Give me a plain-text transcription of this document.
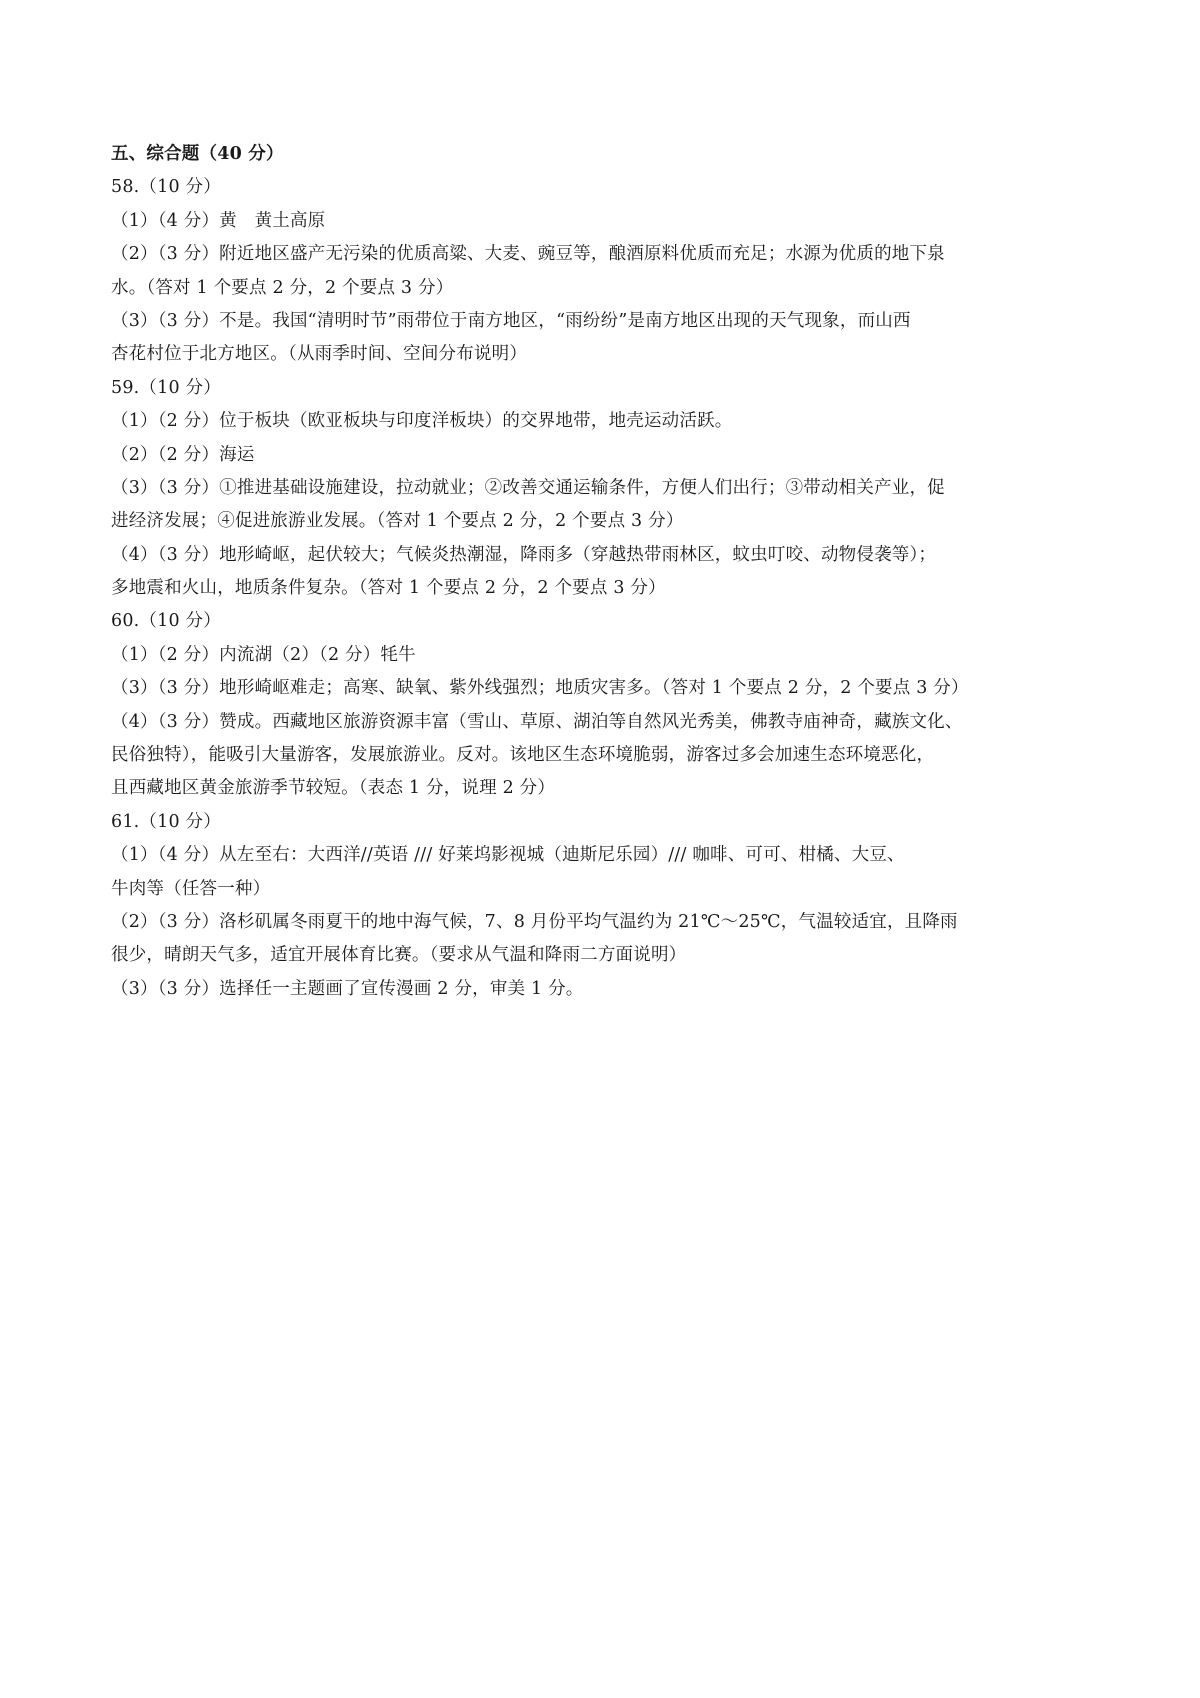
五、综合题（40 分）
58.（10 分）
（1）（4 分）黄　黄土高原
（2）（3 分）附近地区盛产无污染的优质高粱、大麦、豌豆等，酿酒原料优质而充足；水源为优质的地下泉
水。（答对 1 个要点 2 分，2 个要点 3 分）
（3）（3 分）不是。我国“清明时节”雨带位于南方地区，“雨纷纷”是南方地区出现的天气现象，而山西
杏花村位于北方地区。（从雨季时间、空间分布说明）
59.（10 分）
（1）（2 分）位于板块（欧亚板块与印度洋板块）的交界地带，地壳运动活跃。
（2）（2 分）海运
（3）（3 分）①推进基础设施建设，拉动就业；②改善交通运输条件，方便人们出行；③带动相关产业，促
进经济发展；④促进旅游业发展。（答对 1 个要点 2 分，2 个要点 3 分）
（4）（3 分）地形崎岖，起伏较大；气候炎热潮湿，降雨多（穿越热带雨林区，蚊虫叮咬、动物侵袭等）；
多地震和火山，地质条件复杂。（答对 1 个要点 2 分，2 个要点 3 分）
60.（10 分）
（1）（2 分）内流湖（2）（2 分）牦牛
（3）（3 分）地形崎岖难走；高寒、缺氧、紫外线强烈；地质灾害多。（答对 1 个要点 2 分，2 个要点 3 分）
（4）（3 分）赞成。西藏地区旅游资源丰富（雪山、草原、湖泊等自然风光秀美，佛教寺庙神奇，藏族文化、
民俗独特），能吸引大量游客，发展旅游业。反对。该地区生态环境脆弱，游客过多会加速生态环境恶化，
且西藏地区黄金旅游季节较短。（表态 1 分，说理 2 分）
61.（10 分）
（1）（4 分）从左至右：大西洋//英语 /// 好莱坞影视城（迪斯尼乐园）/// 咖啡、可可、柑橘、大豆、
牛肉等（任答一种）
（2）（3 分）洛杉矶属冬雨夏干的地中海气候，7、8 月份平均气温约为 21℃～25℃，气温较适宜，且降雨
很少，晴朗天气多，适宜开展体育比赛。（要求从气温和降雨二方面说明）
（3）（3 分）选择任一主题画了宣传漫画 2 分，审美 1 分。
